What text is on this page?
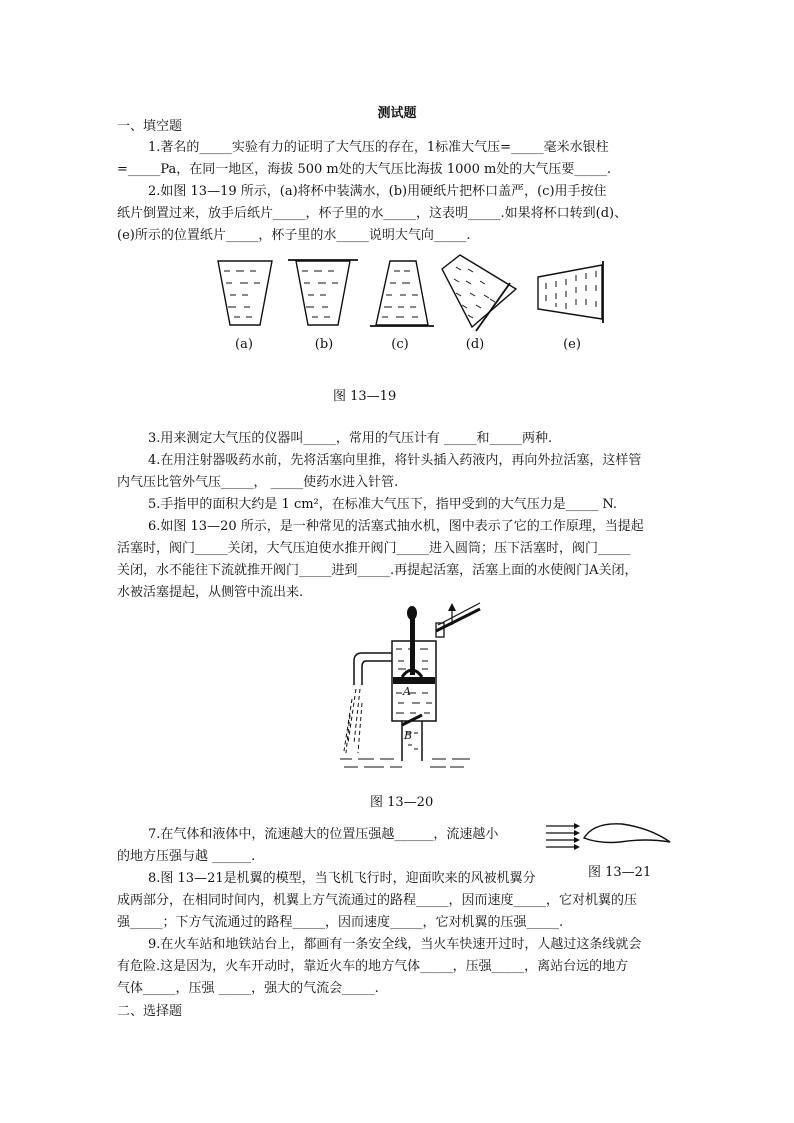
测试题
一、填空题
1.著名的_____实验有力的证明了大气压的存在，1标准大气压=_____毫米水银柱
=_____Pa，在同一地区，海拔 500 m处的大气压比海拔 1000 m处的大气压要_____.
2.如图 13—19 所示，(a)将杯中装满水，(b)用硬纸片把杯口盖严，(c)用手按住
纸片倒置过来，放手后纸片_____，杯子里的水_____，这表明_____.如果将杯口转到(d)、
(e)所示的位置纸片_____，杯子里的水_____说明大气向_____.
(a)	(b)	(c)	(d)	(e)
图 13—19
3.用来测定大气压的仪器叫_____，常用的气压计有 _____和_____两种.
4.在用注射器吸药水前，先将活塞向里推，将针头插入药液内，再向外拉活塞，这样管
内气压比管外气压_____， _____使药水进入针管.
5.手指甲的面积大约是 1 cm²，在标准大气压下，指甲受到的大气压力是_____ N.
6.如图 13—20 所示，是一种常见的活塞式抽水机，图中表示了它的工作原理，当提起
活塞时，阀门_____关闭，大气压迫使水推开阀门_____进入圆筒；压下活塞时，阀门_____
关闭，水不能往下流就推开阀门_____进到_____.再提起活塞，活塞上面的水使阀门A关闭，
水被活塞提起，从侧管中流出来.
A
B
图 13—20
7.在气体和液体中，流速越大的位置压强越______，流速越小
的地方压强与越 ______.
图 13—21
8.图 13—21是机翼的模型，当飞机飞行时，迎面吹来的风被机翼分
成两部分，在相同时间内，机翼上方气流通过的路程_____，因而速度_____，它对机翼的压
强_____；下方气流通过的路程_____，因而速度_____，它对机翼的压强_____.
9.在火车站和地铁站台上，都画有一条安全线，当火车快速开过时，人越过这条线就会
有危险.这是因为，火车开动时，靠近火车的地方气体_____，压强_____，离站台远的地方
气体_____，压强 _____，强大的气流会_____.
二、选择题
